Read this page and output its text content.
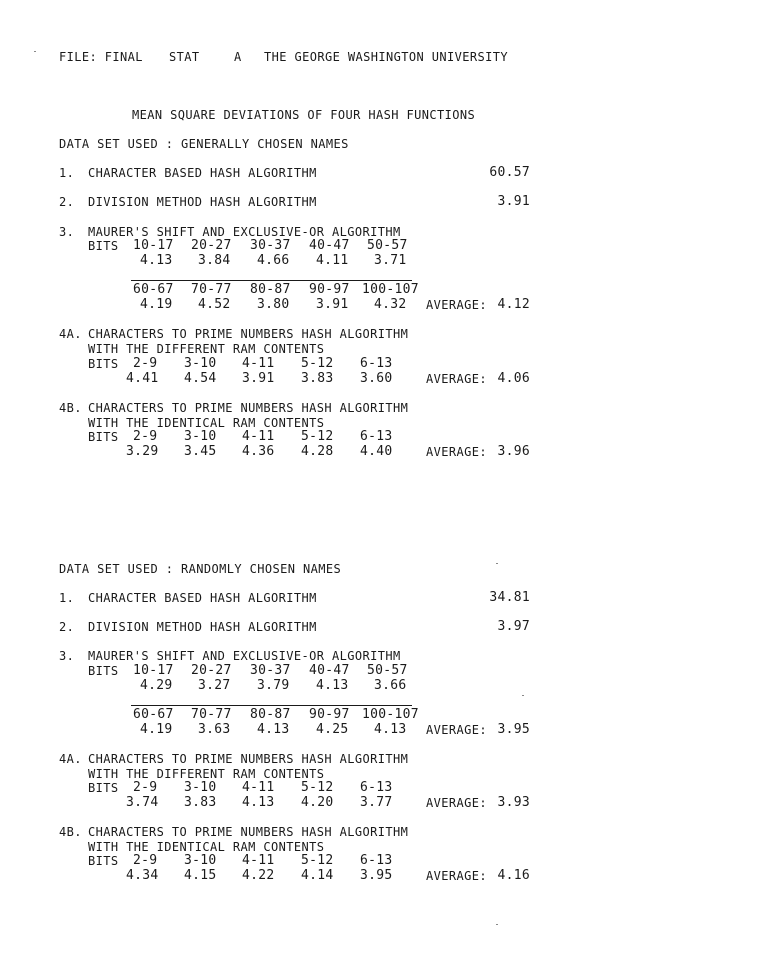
FILE: FINAL STAT	A THE GEORGE WASHINGTON UNIVERSITY
MEAN SQUARE DEVIATIONS OF FOUR HASH FUNCTIONS
DATA SET USED : GENERALLY CHOSEN NAMES
1. CHARACTER BASED HASH ALGORITHM	60.57
2. DIVISION METHOD HASH ALGORITHM	3.91
3. MAURER'S SHIFT AND EXCLUSIVE-OR ALGORITHM
BITS 10-17 20-27 30-37 40-47 50-57
4.13 3.84 4.66 4.11 3.71
60-67 70-77 80-87 90-97 100-107
4.19 4.52 3.80 3.91 4.32 AVERAGE: 4.12
4A. CHARACTERS TO PRIME NUMBERS HASH ALGORITHM
WITH THE DIFFERENT RAM CONTENTS
BITS 2-9 3-10 4-11 5-12 6-13
4.41 4.54 3.91 3.83 3.60	AVERAGE: 4.06
4B. CHARACTERS TO PRIME NUMBERS HASH ALGORITHM
WITH THE IDENTICAL RAM CONTENTS
BITS 2-9 3-10 4-11 5-12 6-13
3.29 3.45 4.36 4.28 4.40	AVERAGE: 3.96
DATA SET USED : RANDOMLY CHOSEN NAMES
1. CHARACTER BASED HASH ALGORITHM	34.81
2. DIVISION METHOD HASH ALGORITHM	3.97
3. MAURER'S SHIFT AND EXCLUSIVE-OR ALGORITHM
BITS 10-17 20-27 30-37 40-47 50-57
4.29 3.27 3.79 4.13 3.66
60-67 70-77 80-87 90-97 100-107
4.19 3.63 4.13 4.25 4.13 AVERAGE: 3.95
4A. CHARACTERS TO PRIME NUMBERS HASH ALGORITHM
WITH THE DIFFERENT RAM CONTENTS
BITS 2-9 3-10 4-11 5-12 6-13
3.74 3.83 4.13 4.20 3.77	AVERAGE: 3.93
4B. CHARACTERS TO PRIME NUMBERS HASH ALGORITHM
WITH THE IDENTICAL RAM CONTENTS
BITS 2-9 3-10 4-11 5-12 6-13
4.34 4.15 4.22 4.14 3.95	AVERAGE: 4.16
